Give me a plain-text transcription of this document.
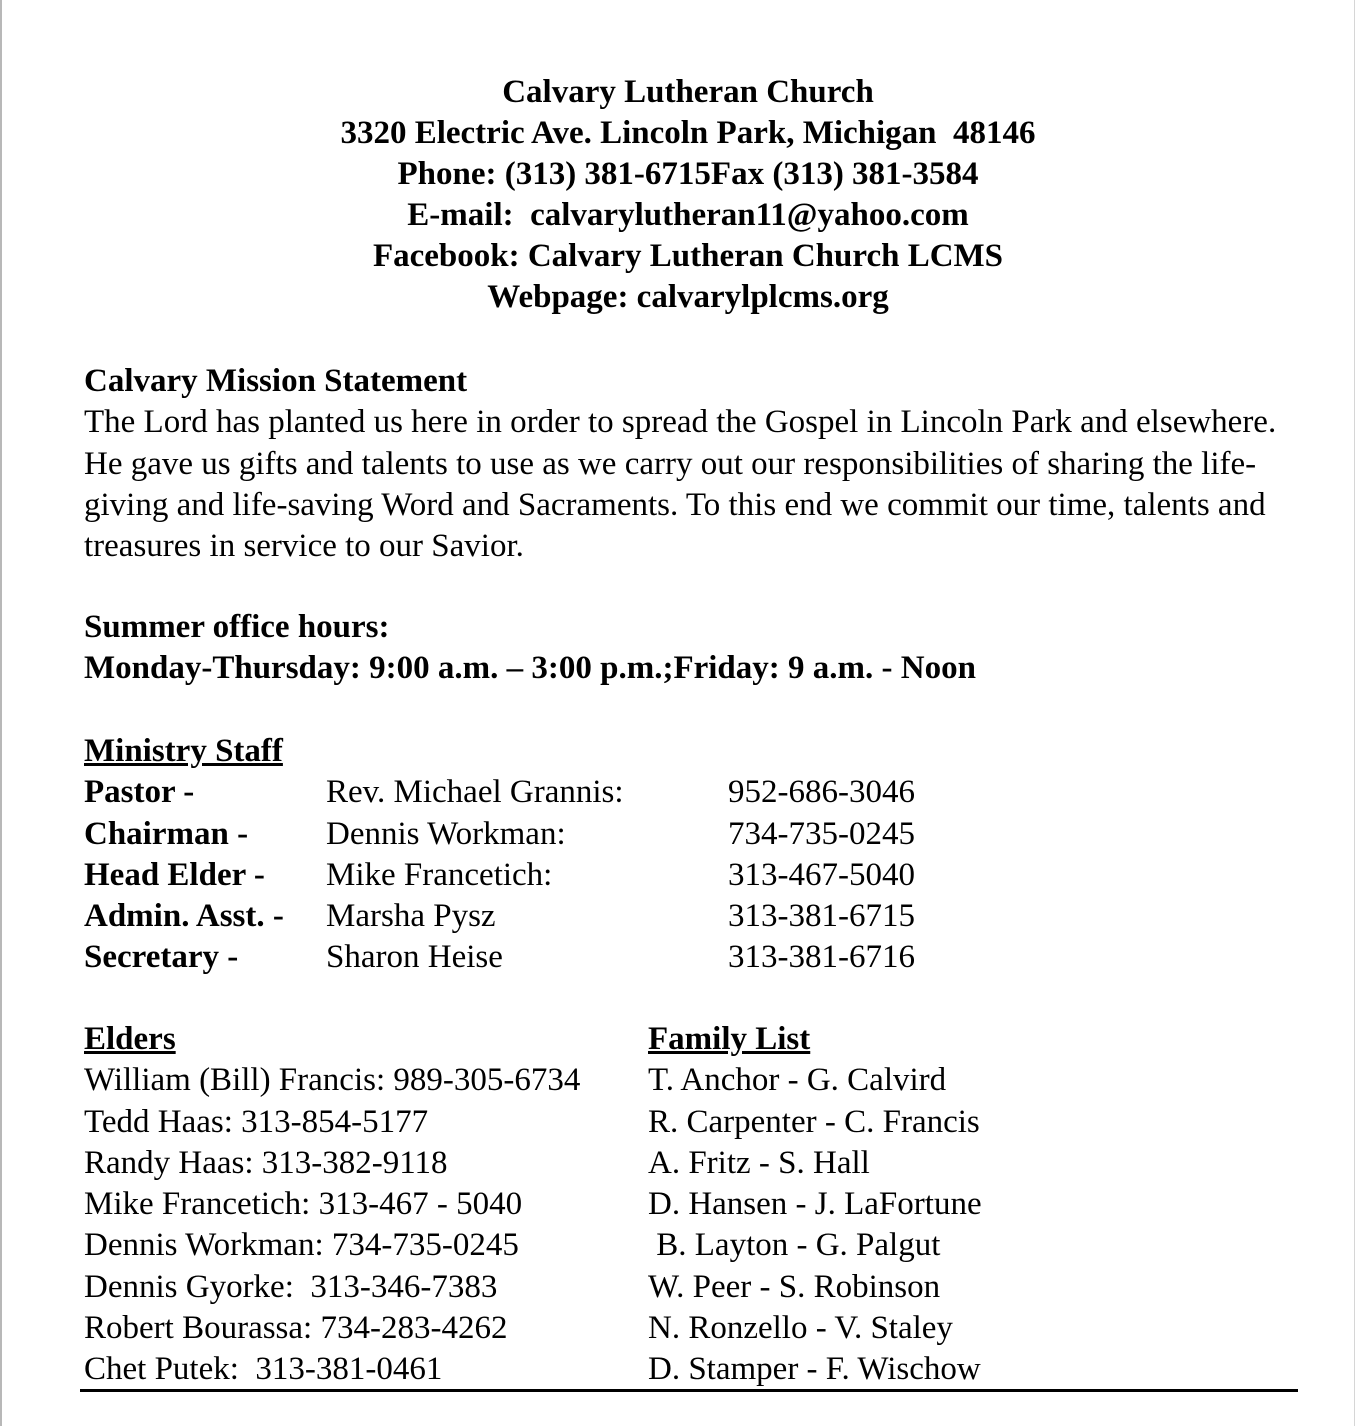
Calvary Lutheran Church
3320 Electric Ave. Lincoln Park, Michigan  48146
Phone: (313) 381-6715Fax (313) 381-3584
E-mail:  calvarylutheran11@yahoo.com
Facebook: Calvary Lutheran Church LCMS
Webpage: calvarylplcms.org
Calvary Mission Statement
The Lord has planted us here in order to spread the Gospel in Lincoln Park and elsewhere. He gave us gifts and talents to use as we carry out our responsibilities of sharing the life-giving and life-saving Word and Sacraments. To this end we commit our time, talents and treasures in service to our Savior.
Summer office hours:
Monday-Thursday: 9:00 a.m. – 3:00 p.m.;Friday: 9 a.m. - Noon
Ministry Staff
Pastor -	Rev. Michael Grannis:	952-686-3046
Chairman - Dennis Workman:	734-735-0245
Head Elder - Mike Francetich:	313-467-5040
Admin. Asst. - Marsha Pysz	313-381-6715
Secretary -	Sharon Heise	313-381-6716
Elders
William (Bill) Francis: 989-305-6734
Tedd Haas: 313-854-5177
Randy Haas: 313-382-9118
Mike Francetich: 313-467 - 5040
Dennis Workman: 734-735-0245
Dennis Gyorke:  313-346-7383
Robert Bourassa: 734-283-4262
Chet Putek:  313-381-0461
Family List
T. Anchor - G. Calvird
R. Carpenter - C. Francis
A. Fritz - S. Hall
D. Hansen - J. LaFortune
B. Layton - G. Palgut
W. Peer - S. Robinson
N. Ronzello - V. Staley
D. Stamper - F. Wischow
